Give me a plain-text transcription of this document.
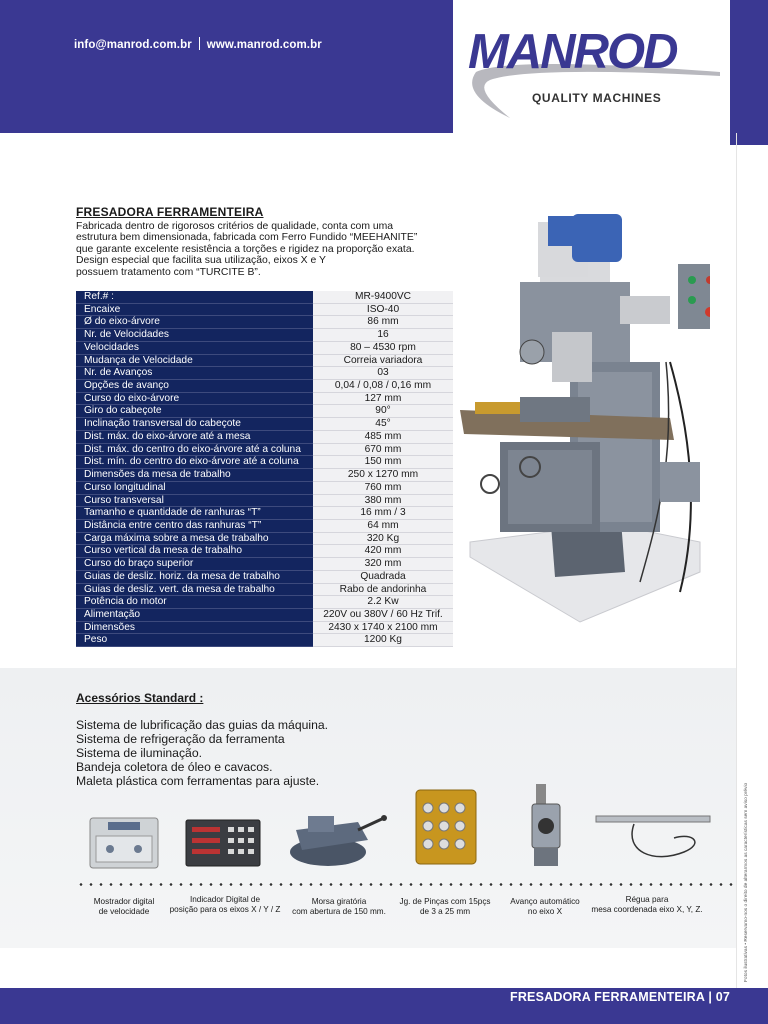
info@manrod.com.br www.manrod.com.br	MANROD
QUALITY MACHINES
FRESADORA FERRAMENTEIRA
Fabricada dentro de rigorosos critérios de qualidade, conta com uma
estrutura bem dimensionada, fabricada com Ferro Fundido “MEEHANITE”
que garante excelente resistência a torções e rigidez na proporção exata.
Design especial que facilita sua utilização, eixos X e Y
possuem tratamento com “TURCITE B”.
Ref.# :	MR-9400VC
Encaixe	ISO-40
Ø do eixo-árvore	86 mm
Nr. de Velocidades	16
Velocidades	80 – 4530 rpm
Mudança de Velocidade	Correia variadora
Nr. de Avanços	03
Opções de avanço	0,04 / 0,08 / 0,16 mm
Curso do eixo-árvore	127 mm
Giro do cabeçote	90°
Inclinação transversal do cabeçote	45°
Dist. máx. do eixo-árvore até a mesa	485 mm
Dist. máx. do centro do eixo-árvore até a coluna	670 mm
Dist. mín. do centro do eixo-árvore até a coluna	150 mm
Dimensões da mesa de trabalho	250 x 1270 mm
Curso longitudinal	760 mm
Curso transversal	380 mm
Tamanho e quantidade de ranhuras “T”	16 mm / 3
Distância entre centro das ranhuras “T”	64 mm
Carga máxima sobre a mesa de trabalho	320 Kg
Curso vertical da mesa de trabalho	420 mm
Curso do braço superior	320 mm
Guias de desliz. horiz. da mesa de trabalho	Quadrada
Guias de desliz. vert. da mesa de trabalho	Rabo de andorinha
Potência do motor	2.2 Kw
Alimentação	220V ou 380V / 60 Hz Trif.
Dimensões	2430 x 1740 x 2100 mm
Peso	1200 Kg
Acessórios Standard :
Sistema de lubrificação das guias da máquina.
Sistema de refrigeração da ferramenta
Sistema de iluminação.
Bandeja coletora de óleo e cavacos.
Maleta plástica com ferramentas para ajuste.
Mostrador digital
de velocidade
Indicador Digital de
posição para os eixos X / Y / Z
Morsa giratória
com abertura de 150 mm.
Jg. de Pinças com 15pçs
de 3 a 25 mm
Avanço automático
no eixo X
Régua para
mesa coordenada eixo X, Y, Z.	Fotos ilustrativas • Reservamo-nos o direito de alterarmos as características sem aviso prévio
FRESADORA FERRAMENTEIRA | 07
